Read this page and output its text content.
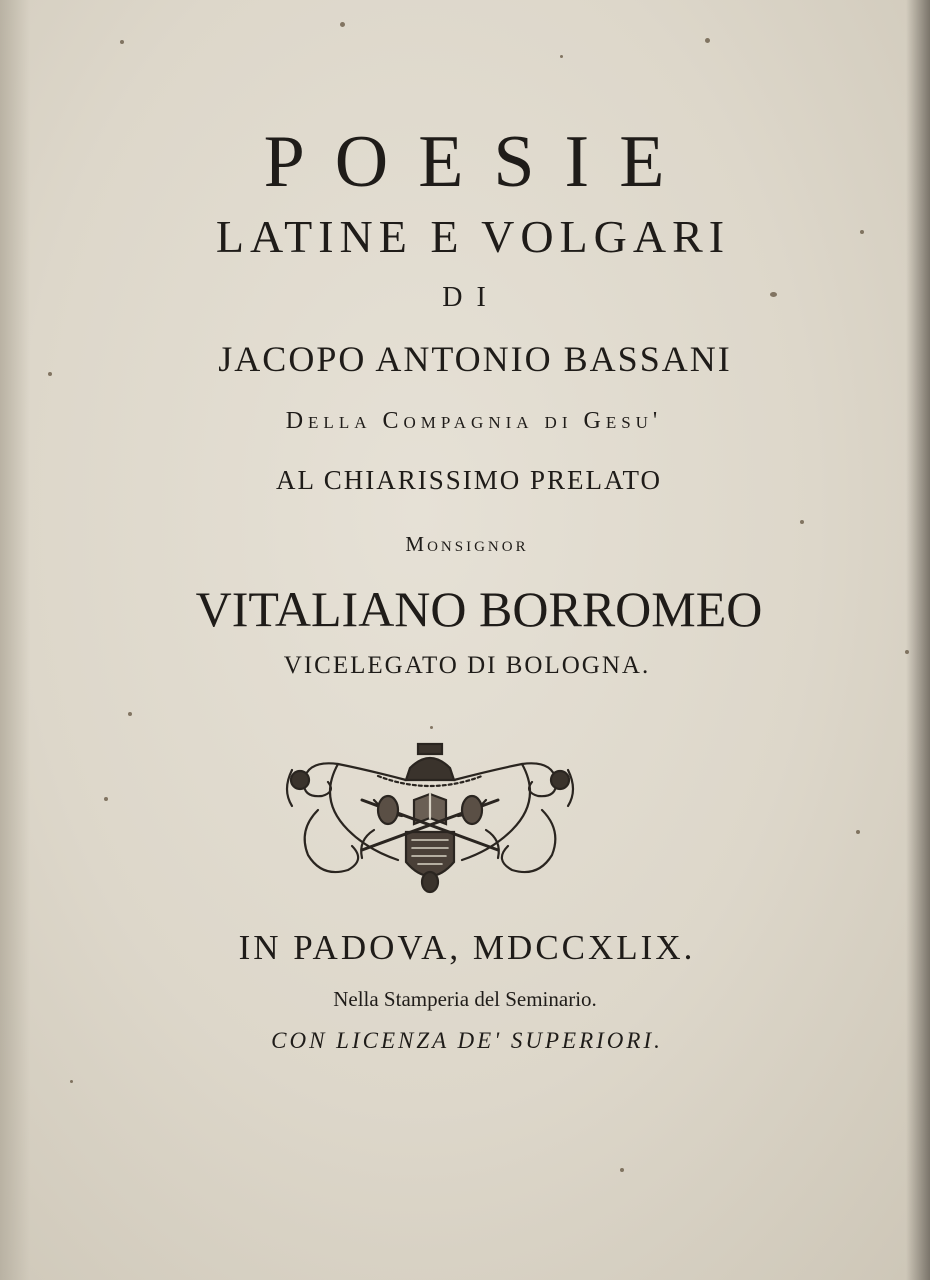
POESIE
LATINE E VOLGARI
DI
JACOPO ANTONIO BASSANI
Della Compagnia di Gesu'
AL CHIARISSIMO PRELATO
Monsignor
VITALIANO BORROMEO
VICELEGATO DI BOLOGNA.
IN PADOVA, MDCCXLIX.
Nella Stamperia del Seminario.
CON LICENZA DE' SUPERIORI.
